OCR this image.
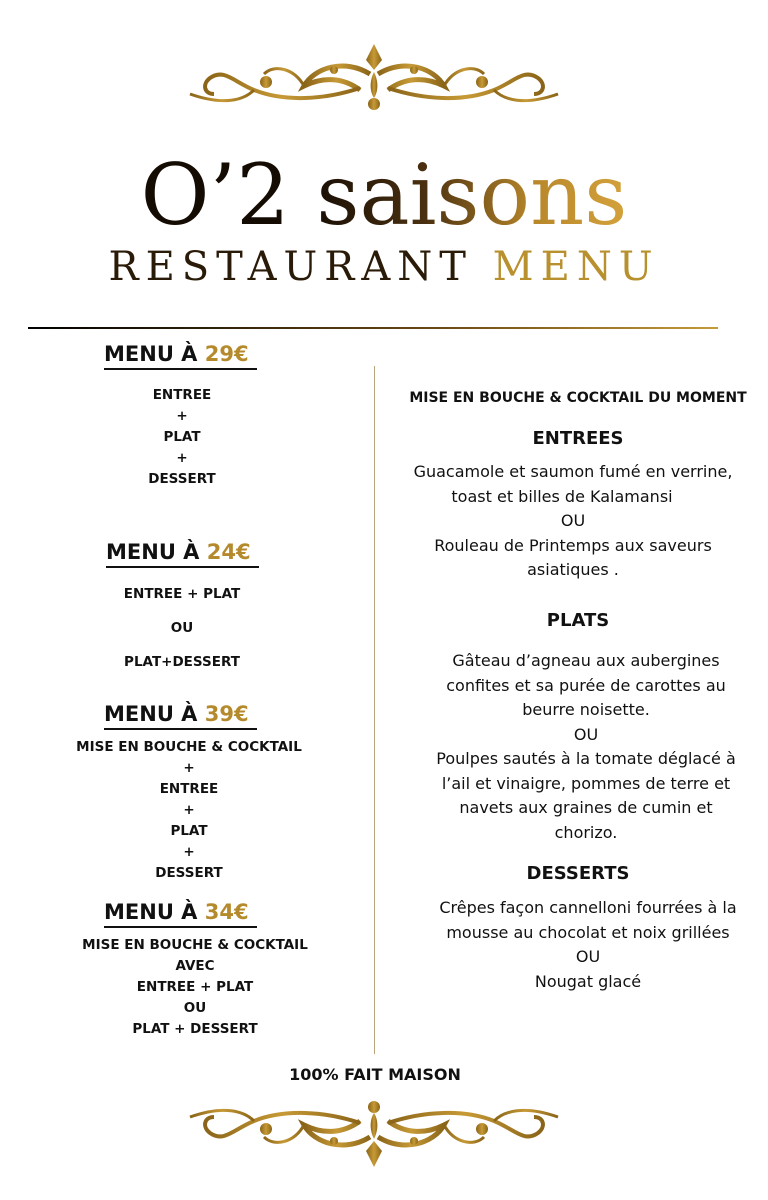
O’2 saisons
RESTAURANT MENU
MENU À 29€
ENTREE
+
PLAT
+
DESSERT
MENU À 24€
ENTREE + PLAT
OU
PLAT+DESSERT
MENU À 39€
MISE EN BOUCHE & COCKTAIL
+
ENTREE
+
PLAT
+
DESSERT
MENU À 34€
MISE EN BOUCHE & COCKTAIL
AVEC
ENTREE + PLAT
OU
PLAT + DESSERT
MISE EN BOUCHE & COCKTAIL DU MOMENT
ENTREES
Guacamole et saumon fumé en verrine,
toast et billes de Kalamansi
OU
Rouleau de Printemps aux saveurs
asiatiques .
PLATS
Gâteau d’agneau aux aubergines
confites et sa purée de carottes au
beurre noisette.
OU
Poulpes sautés à la tomate déglacé à
l’ail et vinaigre, pommes de terre et
navets aux graines de cumin et
chorizo.
DESSERTS
Crêpes façon cannelloni fourrées à la
mousse au chocolat et noix grillées
OU
Nougat glacé
100% FAIT MAISON
